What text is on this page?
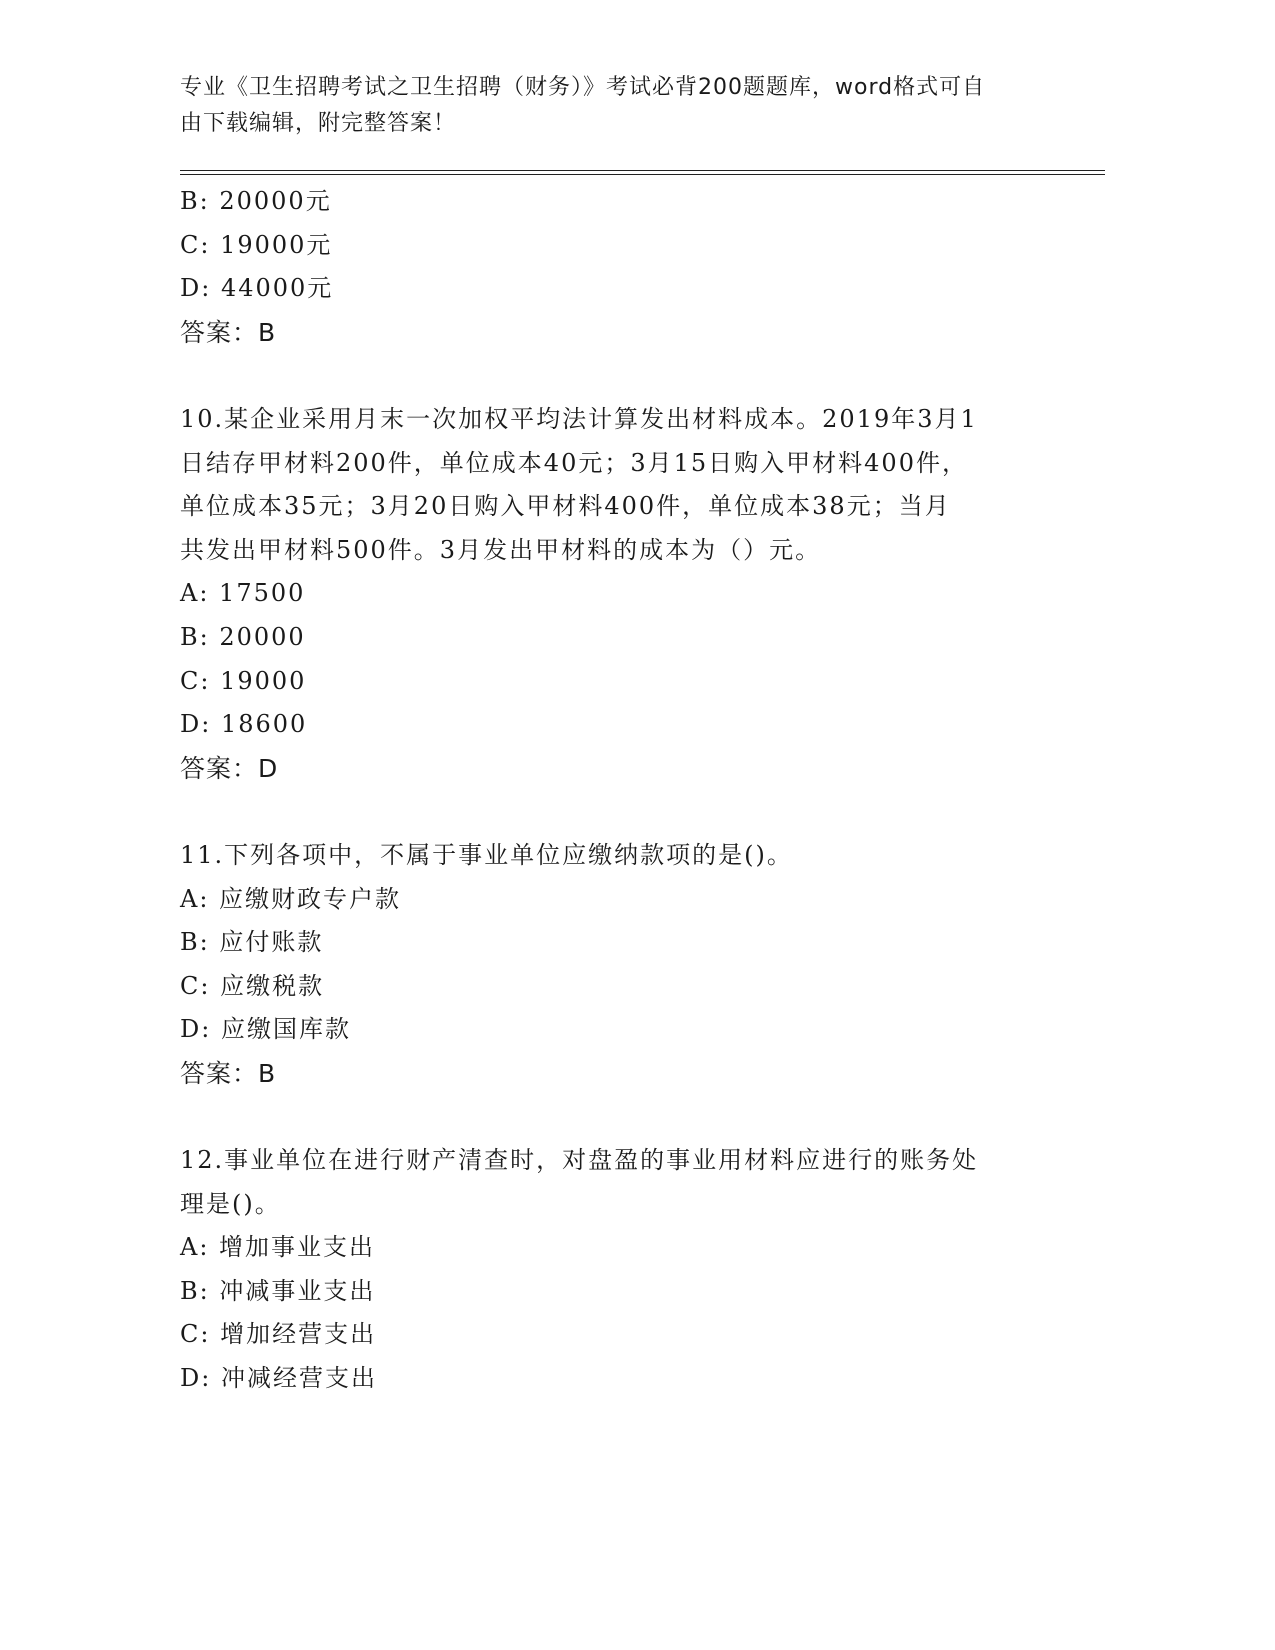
专业《卫生招聘考试之卫生招聘（财务）》考试必背200题题库，word格式可自
由下载编辑，附完整答案！
B: 20000元
C: 19000元
D: 44000元
答案：B
10.某企业采用月末一次加权平均法计算发出材料成本。2019年3月1
日结存甲材料200件，单位成本40元；3月15日购入甲材料400件，
单位成本35元；3月20日购入甲材料400件，单位成本38元；当月
共发出甲材料500件。3月发出甲材料的成本为（）元。
A: 17500
B: 20000
C: 19000
D: 18600
答案：D
11.下列各项中，不属于事业单位应缴纳款项的是()。
A: 应缴财政专户款
B: 应付账款
C: 应缴税款
D: 应缴国库款
答案：B
12.事业单位在进行财产清查时，对盘盈的事业用材料应进行的账务处
理是()。
A: 增加事业支出
B: 冲减事业支出
C: 增加经营支出
D: 冲减经营支出
